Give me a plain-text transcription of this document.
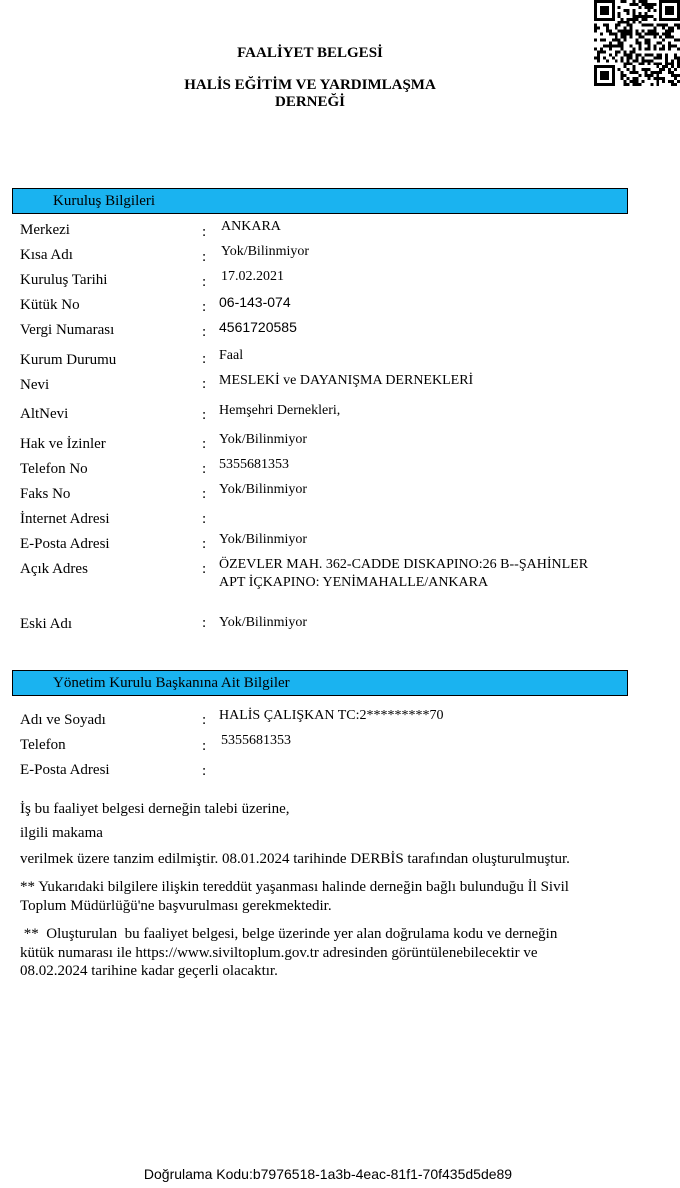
FAALİYET BELGESİ
HALİS EĞİTİM VE YARDIMLAŞMA
DERNEĞİ
Kuruluş Bilgileri
Merkezi	: ANKARA
Kısa Adı	: Yok/Bilinmiyor
Kuruluş Tarihi	: 17.02.2021
Kütük No	: 06-143-074
Vergi Numarası	: 4561720585
Kurum Durumu	: Faal
Nevi	: MESLEKİ ve DAYANIŞMA DERNEKLERİ
AltNevi	: Hemşehri Dernekleri,
Hak ve İzinler	: Yok/Bilinmiyor
Telefon No	: 5355681353
Faks No	: Yok/Bilinmiyor
İnternet Adresi	:
E-Posta Adresi	: Yok/Bilinmiyor
Açık Adres	: ÖZEVLER MAH. 362-CADDE DISKAPINO:26 B--ŞAHİNLER
APT İÇKAPINO: YENİMAHALLE/ANKARA
Eski Adı	: Yok/Bilinmiyor
Yönetim Kurulu Başkanına Ait Bilgiler
Adı ve Soyadı	: HALİS ÇALIŞKAN TC:2*********70
Telefon	: 5355681353
E-Posta Adresi	:
İş bu faaliyet belgesi derneğin talebi üzerine,
ilgili makama
verilmek üzere tanzim edilmiştir. 08.01.2024 tarihinde DERBİS tarafından oluşturulmuştur.
** Yukarıdaki bilgilere ilişkin tereddüt yaşanması halinde derneğin bağlı bulunduğu İl Sivil
Toplum Müdürlüğü'ne başvurulması gerekmektedir.
**  Oluşturulan  bu faaliyet belgesi, belge üzerinde yer alan doğrulama kodu ve derneğin
kütük numarası ile https://www.siviltoplum.gov.tr adresinden görüntülenebilecektir ve
08.02.2024 tarihine kadar geçerli olacaktır.
Doğrulama Kodu:b7976518-1a3b-4eac-81f1-70f435d5de89
